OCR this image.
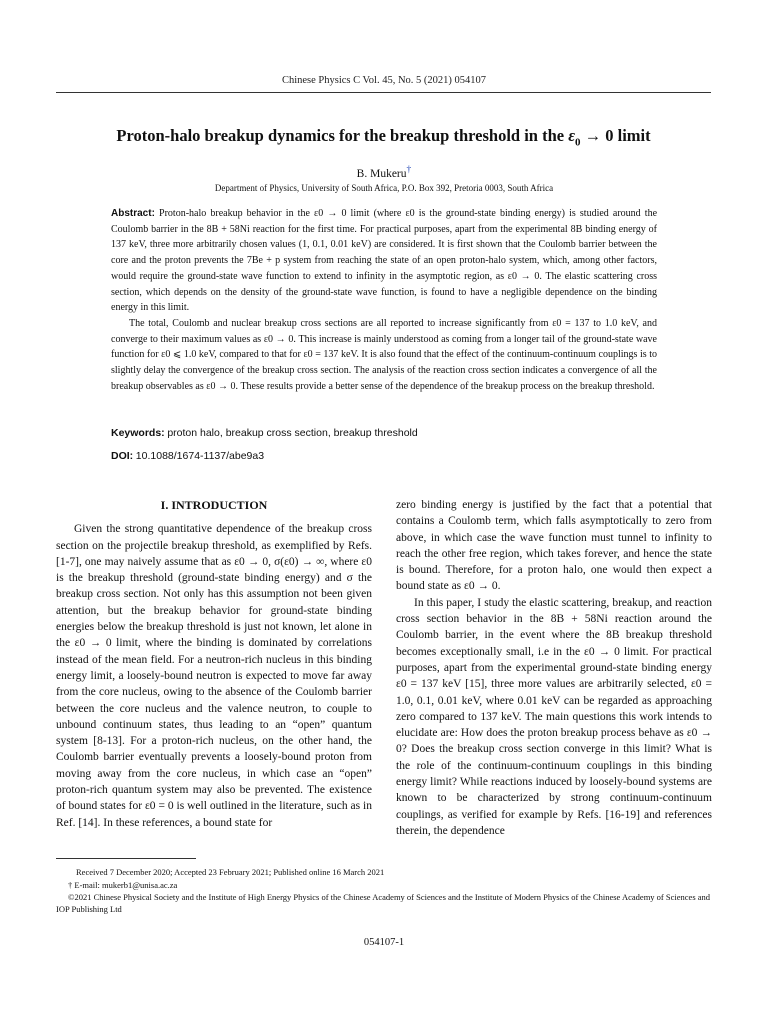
Chinese Physics C Vol. 45, No. 5 (2021) 054107
Proton-halo breakup dynamics for the breakup threshold in the $\varepsilon_0 \to 0$ limit
B. Mukeru†
Department of Physics, University of South Africa, P.O. Box 392, Pretoria 0003, South Africa

Abstract: Proton-halo breakup behavior in the ε0 → 0 limit (where ε0 is the ground-state binding energy) is studied around the Coulomb barrier in the 8B + 58Ni reaction for the first time. For practical purposes, apart from the experimental 8B binding energy of 137 keV, three more arbitrarily chosen values (1, 0.1, 0.01 keV) are considered. It is first shown that the Coulomb barrier between the core and the proton prevents the 7Be + p system from reaching the state of an open proton-halo system, which, among other factors, would require the ground-state wave function to extend to infinity in the asymptotic region, as ε0 → 0. The elastic scattering cross section, which depends on the density of the ground-state wave function, is found to have a negligible dependence on the binding energy in this limit.

The total, Coulomb and nuclear breakup cross sections are all reported to increase significantly from ε0 = 137 to 1.0 keV, and converge to their maximum values as ε0 → 0. This increase is mainly understood as coming from a longer tail of the ground-state wave function for ε0 ⩽ 1.0 keV, compared to that for ε0 = 137 keV. It is also found that the effect of the continuum-continuum couplings is to slightly delay the convergence of the breakup cross section. The analysis of the reaction cross section indicates a convergence of all the breakup observables as ε0 → 0. These results provide a better sense of the dependence of the breakup process on the breakup threshold.

Keywords: proton halo, breakup cross section, breakup threshold
DOI: 10.1088/1674-1137/abe9a3
I. INTRODUCTION

Given the strong quantitative dependence of the breakup cross section on the projectile breakup threshold, as exemplified by Refs. [1-7], one may naively assume that as ε0 → 0, σ(ε0) → ∞, where ε0 is the breakup threshold (ground-state binding energy) and σ the breakup cross section. Not only has this assumption not been given attention, but the breakup behavior for ground-state binding energies below the breakup threshold is just not known, let alone in the ε0 → 0 limit, where the binding is dominated by correlations instead of the mean field. For a neutron-rich nucleus in this binding energy limit, a loosely-bound neutron is expected to move far away from the core nucleus, owing to the absence of the Coulomb barrier between the core nucleus and the valence neutron, to couple to unbound continuum states, thus leading to an “open” quantum system [8-13]. For a proton-rich nucleus, on the other hand, the Coulomb barrier eventually prevents a loosely-bound proton from moving away from the core nucleus, in which case an “open” proton-rich quantum system may also be prevented. The existence of bound states for ε0 = 0 is well outlined in the literature, such as in Ref. [14]. In these references, a bound state for

zero binding energy is justified by the fact that a potential that contains a Coulomb term, which falls asymptotically to zero from above, in which case the wave function must tunnel to infinity to reach the other free region, which takes forever, and hence the state is bound. Therefore, for a proton halo, one would then expect a bound state as ε0 → 0.

In this paper, I study the elastic scattering, breakup, and reaction cross section behavior in the 8B + 58Ni reaction around the Coulomb barrier, in the event where the 8B breakup threshold becomes exceptionally small, i.e in the ε0 → 0 limit. For practical purposes, apart from the experimental ground-state binding energy ε0 = 137 keV [15], three more values are arbitrarily selected, ε0 = 1.0, 0.1, 0.01 keV, where 0.01 keV can be regarded as approaching zero compared to 137 keV. The main questions this work intends to elucidate are: How does the proton breakup process behave as ε0 → 0? Does the breakup cross section converge in this limit? What is the role of the continuum-continuum couplings in this binding energy limit? While reactions induced by loosely-bound systems are known to be characterized by strong continuum-continuum couplings, as verified for example by Refs. [16-19] and references therein, the dependence

Received 7 December 2020; Accepted 23 February 2021; Published online 16 March 2021
† E-mail: mukerb1@unisa.ac.za
©2021 Chinese Physical Society and the Institute of High Energy Physics of the Chinese Academy of Sciences and the Institute of Modern Physics of the Chinese Academy of Sciences and IOP Publishing Ltd
054107-1
